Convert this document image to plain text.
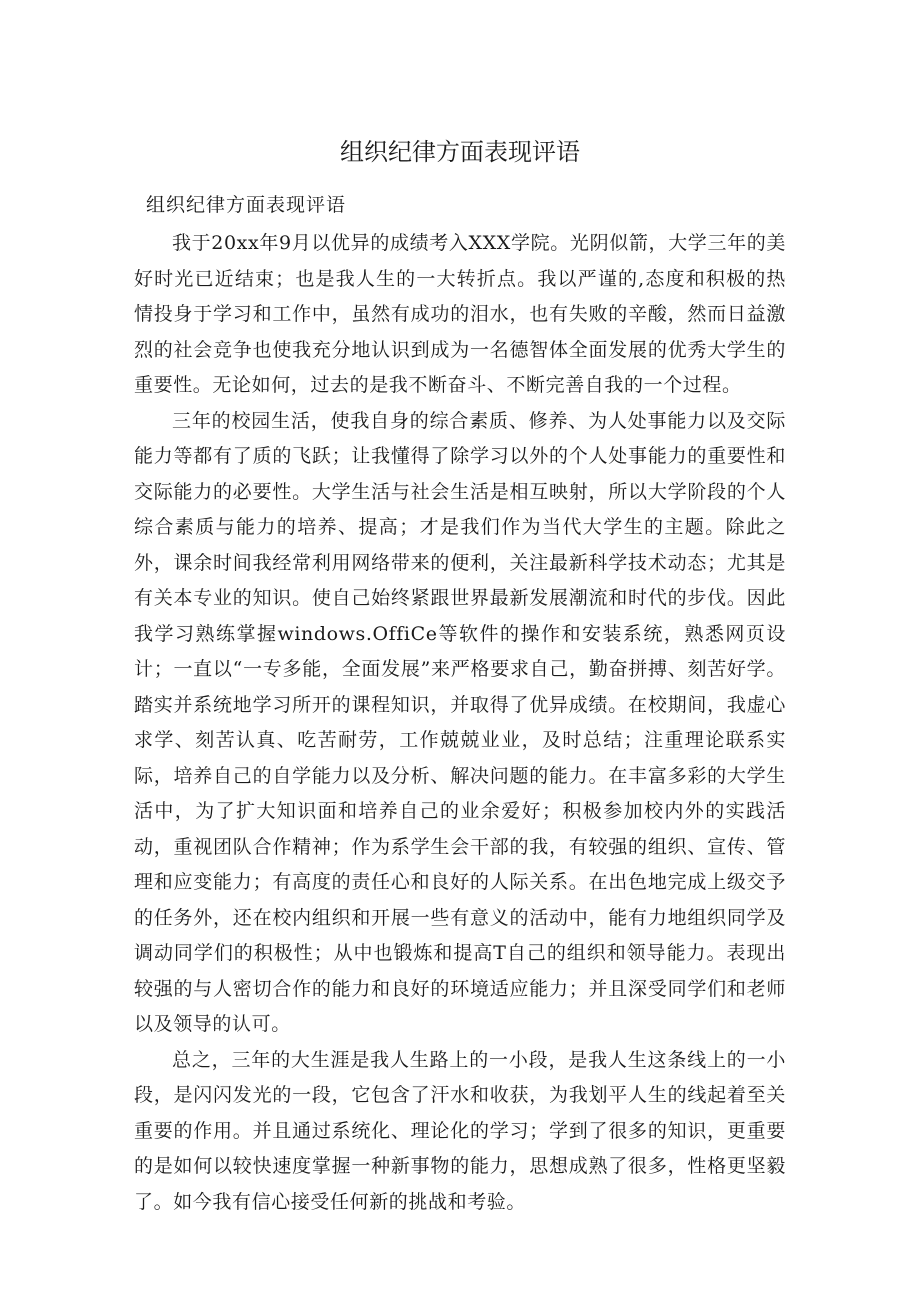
组织纪律方面表现评语
组织纪律方面表现评语

我于20xx年9月以优异的成绩考入XXX学院。光阴似箭，大学三年的美好时光已近结束；也是我人生的一大转折点。我以严谨的,态度和积极的热情投身于学习和工作中，虽然有成功的泪水，也有失败的辛酸，然而日益激烈的社会竞争也使我充分地认识到成为一名德智体全面发展的优秀大学生的重要性。无论如何，过去的是我不断奋斗、不断完善自我的一个过程。

三年的校园生活，使我自身的综合素质、修养、为人处事能力以及交际能力等都有了质的飞跃；让我懂得了除学习以外的个人处事能力的重要性和交际能力的必要性。大学生活与社会生活是相互映射，所以大学阶段的个人综合素质与能力的培养、提高；才是我们作为当代大学生的主题。除此之外，课余时间我经常利用网络带来的便利，关注最新科学技术动态；尤其是有关本专业的知识。使自己始终紧跟世界最新发展潮流和时代的步伐。因此我学习熟练掌握windows.OffiCe等软件的操作和安装系统，熟悉网页设计；一直以“一专多能，全面发展”来严格要求自己，勤奋拼搏、刻苦好学。踏实并系统地学习所开的课程知识，并取得了优异成绩。在校期间，我虚心求学、刻苦认真、吃苦耐劳，工作兢兢业业，及时总结；注重理论联系实际，培养自己的自学能力以及分析、解决问题的能力。在丰富多彩的大学生活中，为了扩大知识面和培养自己的业余爱好；积极参加校内外的实践活动，重视团队合作精神；作为系学生会干部的我，有较强的组织、宣传、管理和应变能力；有高度的责任心和良好的人际关系。在出色地完成上级交予的任务外，还在校内组织和开展一些有意义的活动中，能有力地组织同学及调动同学们的积极性；从中也锻炼和提高T自己的组织和领导能力。表现出较强的与人密切合作的能力和良好的环境适应能力；并且深受同学们和老师以及领导的认可。

总之，三年的大生涯是我人生路上的一小段，是我人生这条线上的一小段，是闪闪发光的一段，它包含了汗水和收获，为我划平人生的线起着至关重要的作用。并且通过系统化、理论化的学习；学到了很多的知识，更重要的是如何以较快速度掌握一种新事物的能力，思想成熟了很多，性格更坚毅了。如今我有信心接受任何新的挑战和考验。
